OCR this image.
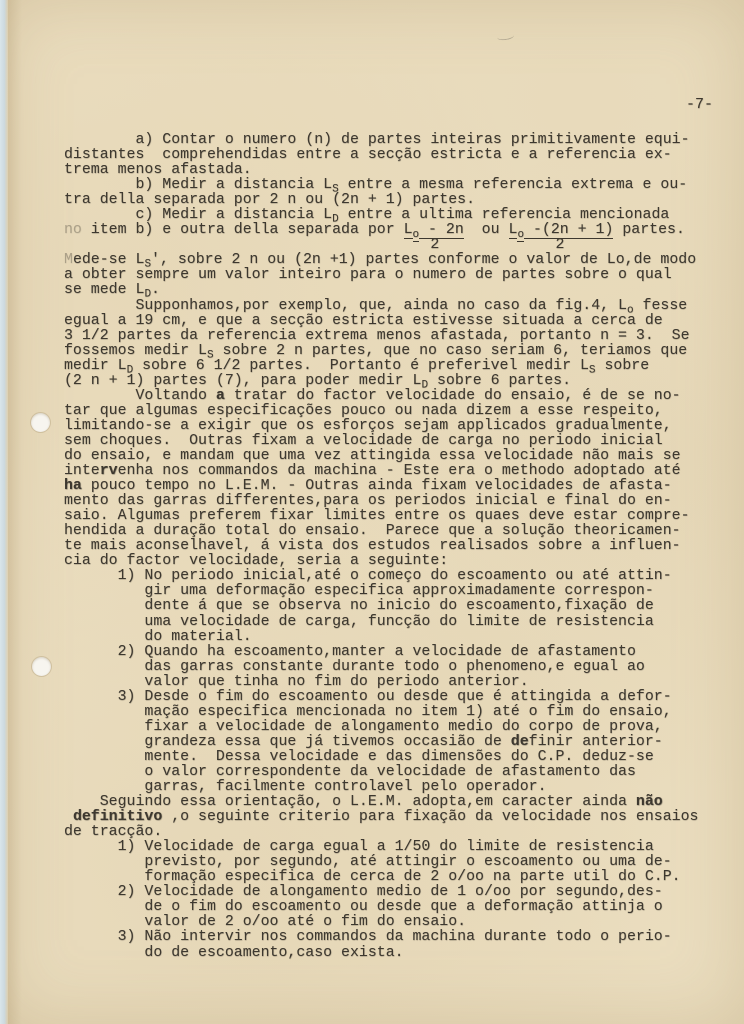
-7-
a) Contar o numero (n) de partes inteiras primitivamente equi-
distantes  comprehendidas entre a secção estricta e a referencia ex-
trema menos afastada.
b) Medir a distancia $L_S$ entre a mesma referencia extrema e ou-
tra della separada por 2 n ou (2n + 1) partes.
c) Medir a distancia $L_D$ entre a ultima referencia mencionada
no item b) e outra della separada por $L_o - 2n$  ou $L_o$ -(2n + 1) partes.
2             2
Mede-se $L_S'$, sobre 2 n ou (2n +1) partes conforme o valor de Lo,de modo
a obter sempre um valor inteiro para o numero de partes sobre o qual
se mede $L_D$.
Supponhamos,por exemplo, que, ainda no caso da fig.4, $L_o$ fesse
egual a 19 cm, e que a secção estricta estivesse situada a cerca de
3 1/2 partes da referencia extrema menos afastada, portanto n = 3.  Se
fossemos medir $L_S$ sobre 2 n partes, que no caso seriam 6, teriamos que
medir $L_D$ sobre 6 1/2 partes.  Portanto é preferivel medir $L_S$ sobre
(2 n + 1) partes (7), para poder medir $L_D$ sobre 6 partes.
Voltando a tratar do factor velocidade do ensaio, é de se no-
tar que algumas especificações pouco ou nada dizem a esse respeito,
limitando-se a exigir que os esforços sejam applicados gradualmente,
sem choques.  Outras fixam a velocidade de carga no periodo inicial
do ensaio, e mandam que uma vez attingida essa velocidade não mais se
intervenha nos commandos da machina - Este era o methodo adoptado até
ha pouco tempo no L.E.M. - Outras ainda fixam velocidades de afasta-
mento das garras differentes,para os periodos inicial e final do en-
saio. Algumas preferem fixar limites entre os quaes deve estar compre-
hendida a duração total do ensaio.  Parece que a solução theoricamen-
te mais aconselhavel, á vista dos estudos realisados sobre a influen-
cia do factor velocidade, seria a seguinte:
1) No periodo inicial,até o começo do escoamento ou até attin-
gir uma deformação especifica approximadamente correspon-
dente á que se observa no inicio do escoamento,fixação de
uma velocidade de carga, funcção do limite de resistencia
do material.
2) Quando ha escoamento,manter a velocidade de afastamento
das garras constante durante todo o phenomeno,e egual ao
valor que tinha no fim do periodo anterior.
3) Desde o fim do escoamento ou desde que é attingida a defor-
mação especifica mencionada no item 1) até o fim do ensaio,
fixar a velocidade de alongamento medio do corpo de prova,
grandeza essa que já tivemos occasião de definir anterior-
mente.  Dessa velocidade e das dimensões do C.P. deduz-se
o valor correspondente da velocidade de afastamento das
garras, facilmente controlavel pelo operador.
Seguindo essa orientação, o L.E.M. adopta,em caracter ainda não
definitivo ,o seguinte criterio para fixação da velocidade nos ensaios
de tracção.
1) Velocidade de carga egual a 1/50 do limite de resistencia
previsto, por segundo, até attingir o escoamento ou uma de-
formação especifica de cerca de 2 o/oo na parte util do C.P.
2) Velocidade de alongamento medio de 1 o/oo por segundo,des-
de o fim do escoamento ou desde que a deformação attinja o
valor de 2 o/oo até o fim do ensaio.
3) Não intervir nos commandos da machina durante todo o perio-
do de escoamento,caso exista.
